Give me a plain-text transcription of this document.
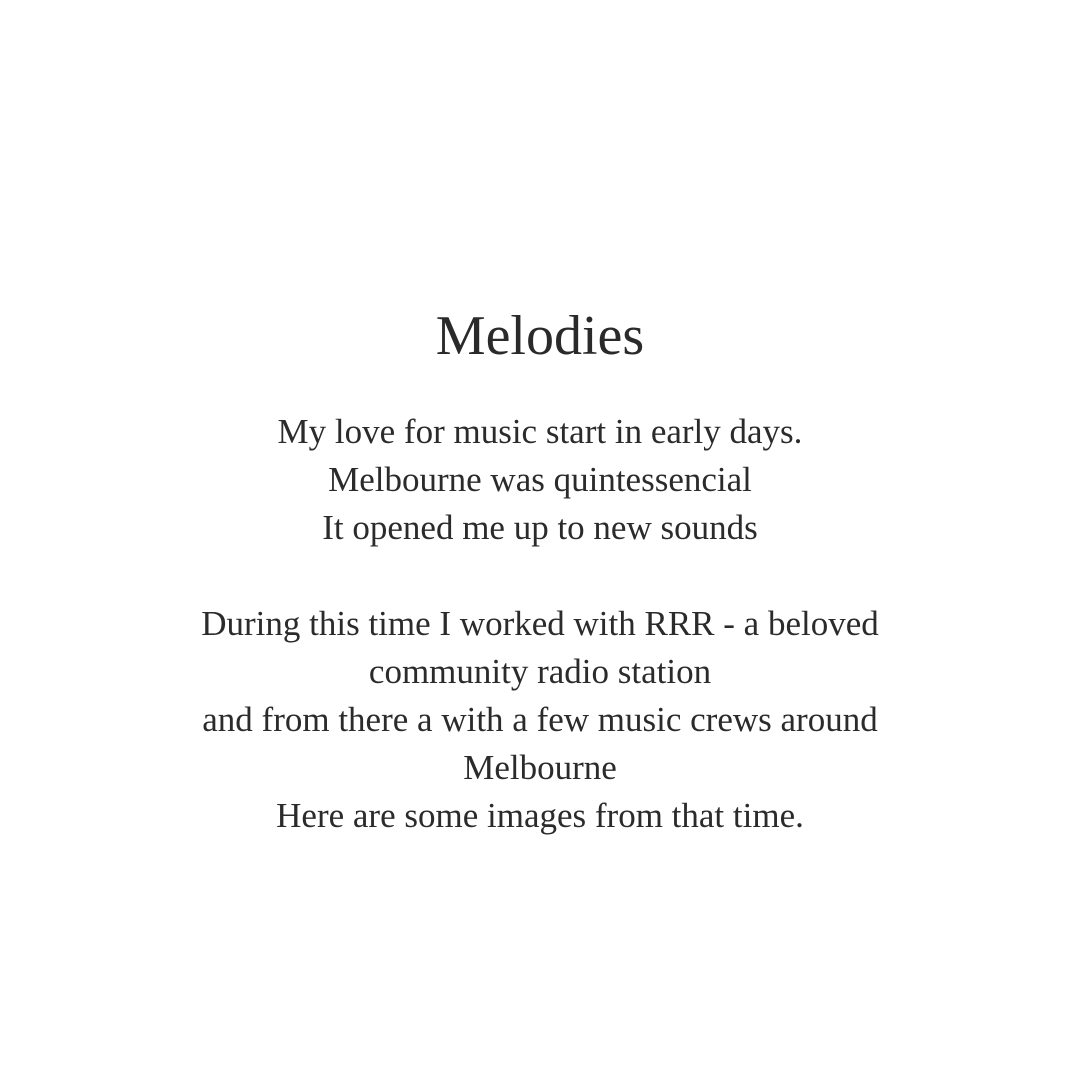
Melodies
My love for music start in early days.
Melbourne was quintessencial
It opened me up to new sounds
During this time I worked with RRR - a beloved
community radio station
and from there a with a few music crews around
Melbourne
Here are some images from that time.
